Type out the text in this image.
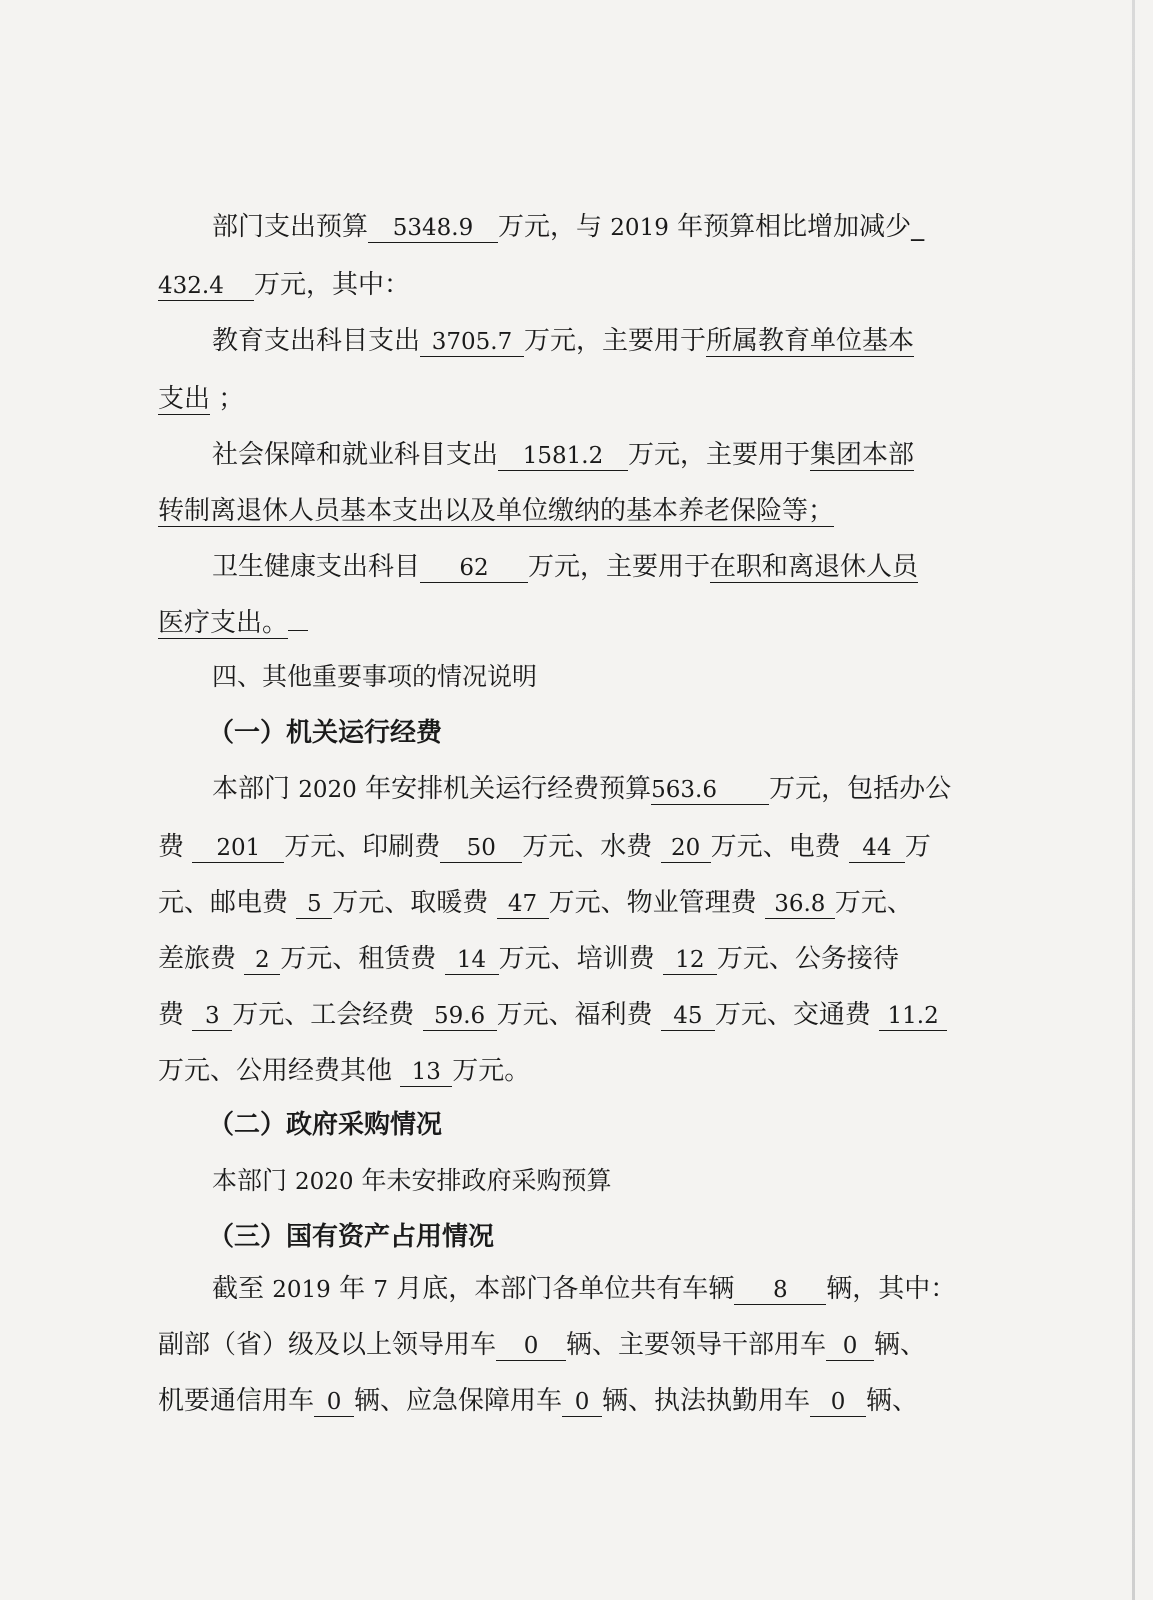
部门支出预算 5348.9 万元，与 2019 年预算相比增加减少_
432.4 万元，其中：
教育支出科目支出 3705.7 万元，主要用于所属教育单位基本
支出 ；
社会保障和就业科目支出 1581.2 万元，主要用于集团本部
转制离退休人员基本支出以及单位缴纳的基本养老保险等；
卫生健康支出科目 62 万元，主要用于在职和离退休人员
医疗支出。
四、其他重要事项的情况说明
（一）机关运行经费
本部门 2020 年安排机关运行经费预算563.6 万元，包括办公
费 201 万元、印刷费 50 万元、水费 20 万元、电费 44 万
元、邮电费 5 万元、取暖费 47 万元、物业管理费 36.8 万元、
差旅费 2 万元、租赁费 14 万元、培训费 12 万元、公务接待
费 3 万元、工会经费 59.6 万元、福利费 45 万元、交通费 11.2
万元、公用经费其他 13 万元。
（二）政府采购情况
本部门 2020 年未安排政府采购预算
（三）国有资产占用情况
截至 2019 年 7 月底，本部门各单位共有车辆 8 辆，其中：
副部（省）级及以上领导用车 0 辆、主要领导干部用车 0 辆、
机要通信用车 0 辆、应急保障用车 0 辆、执法执勤用车 0 辆、
